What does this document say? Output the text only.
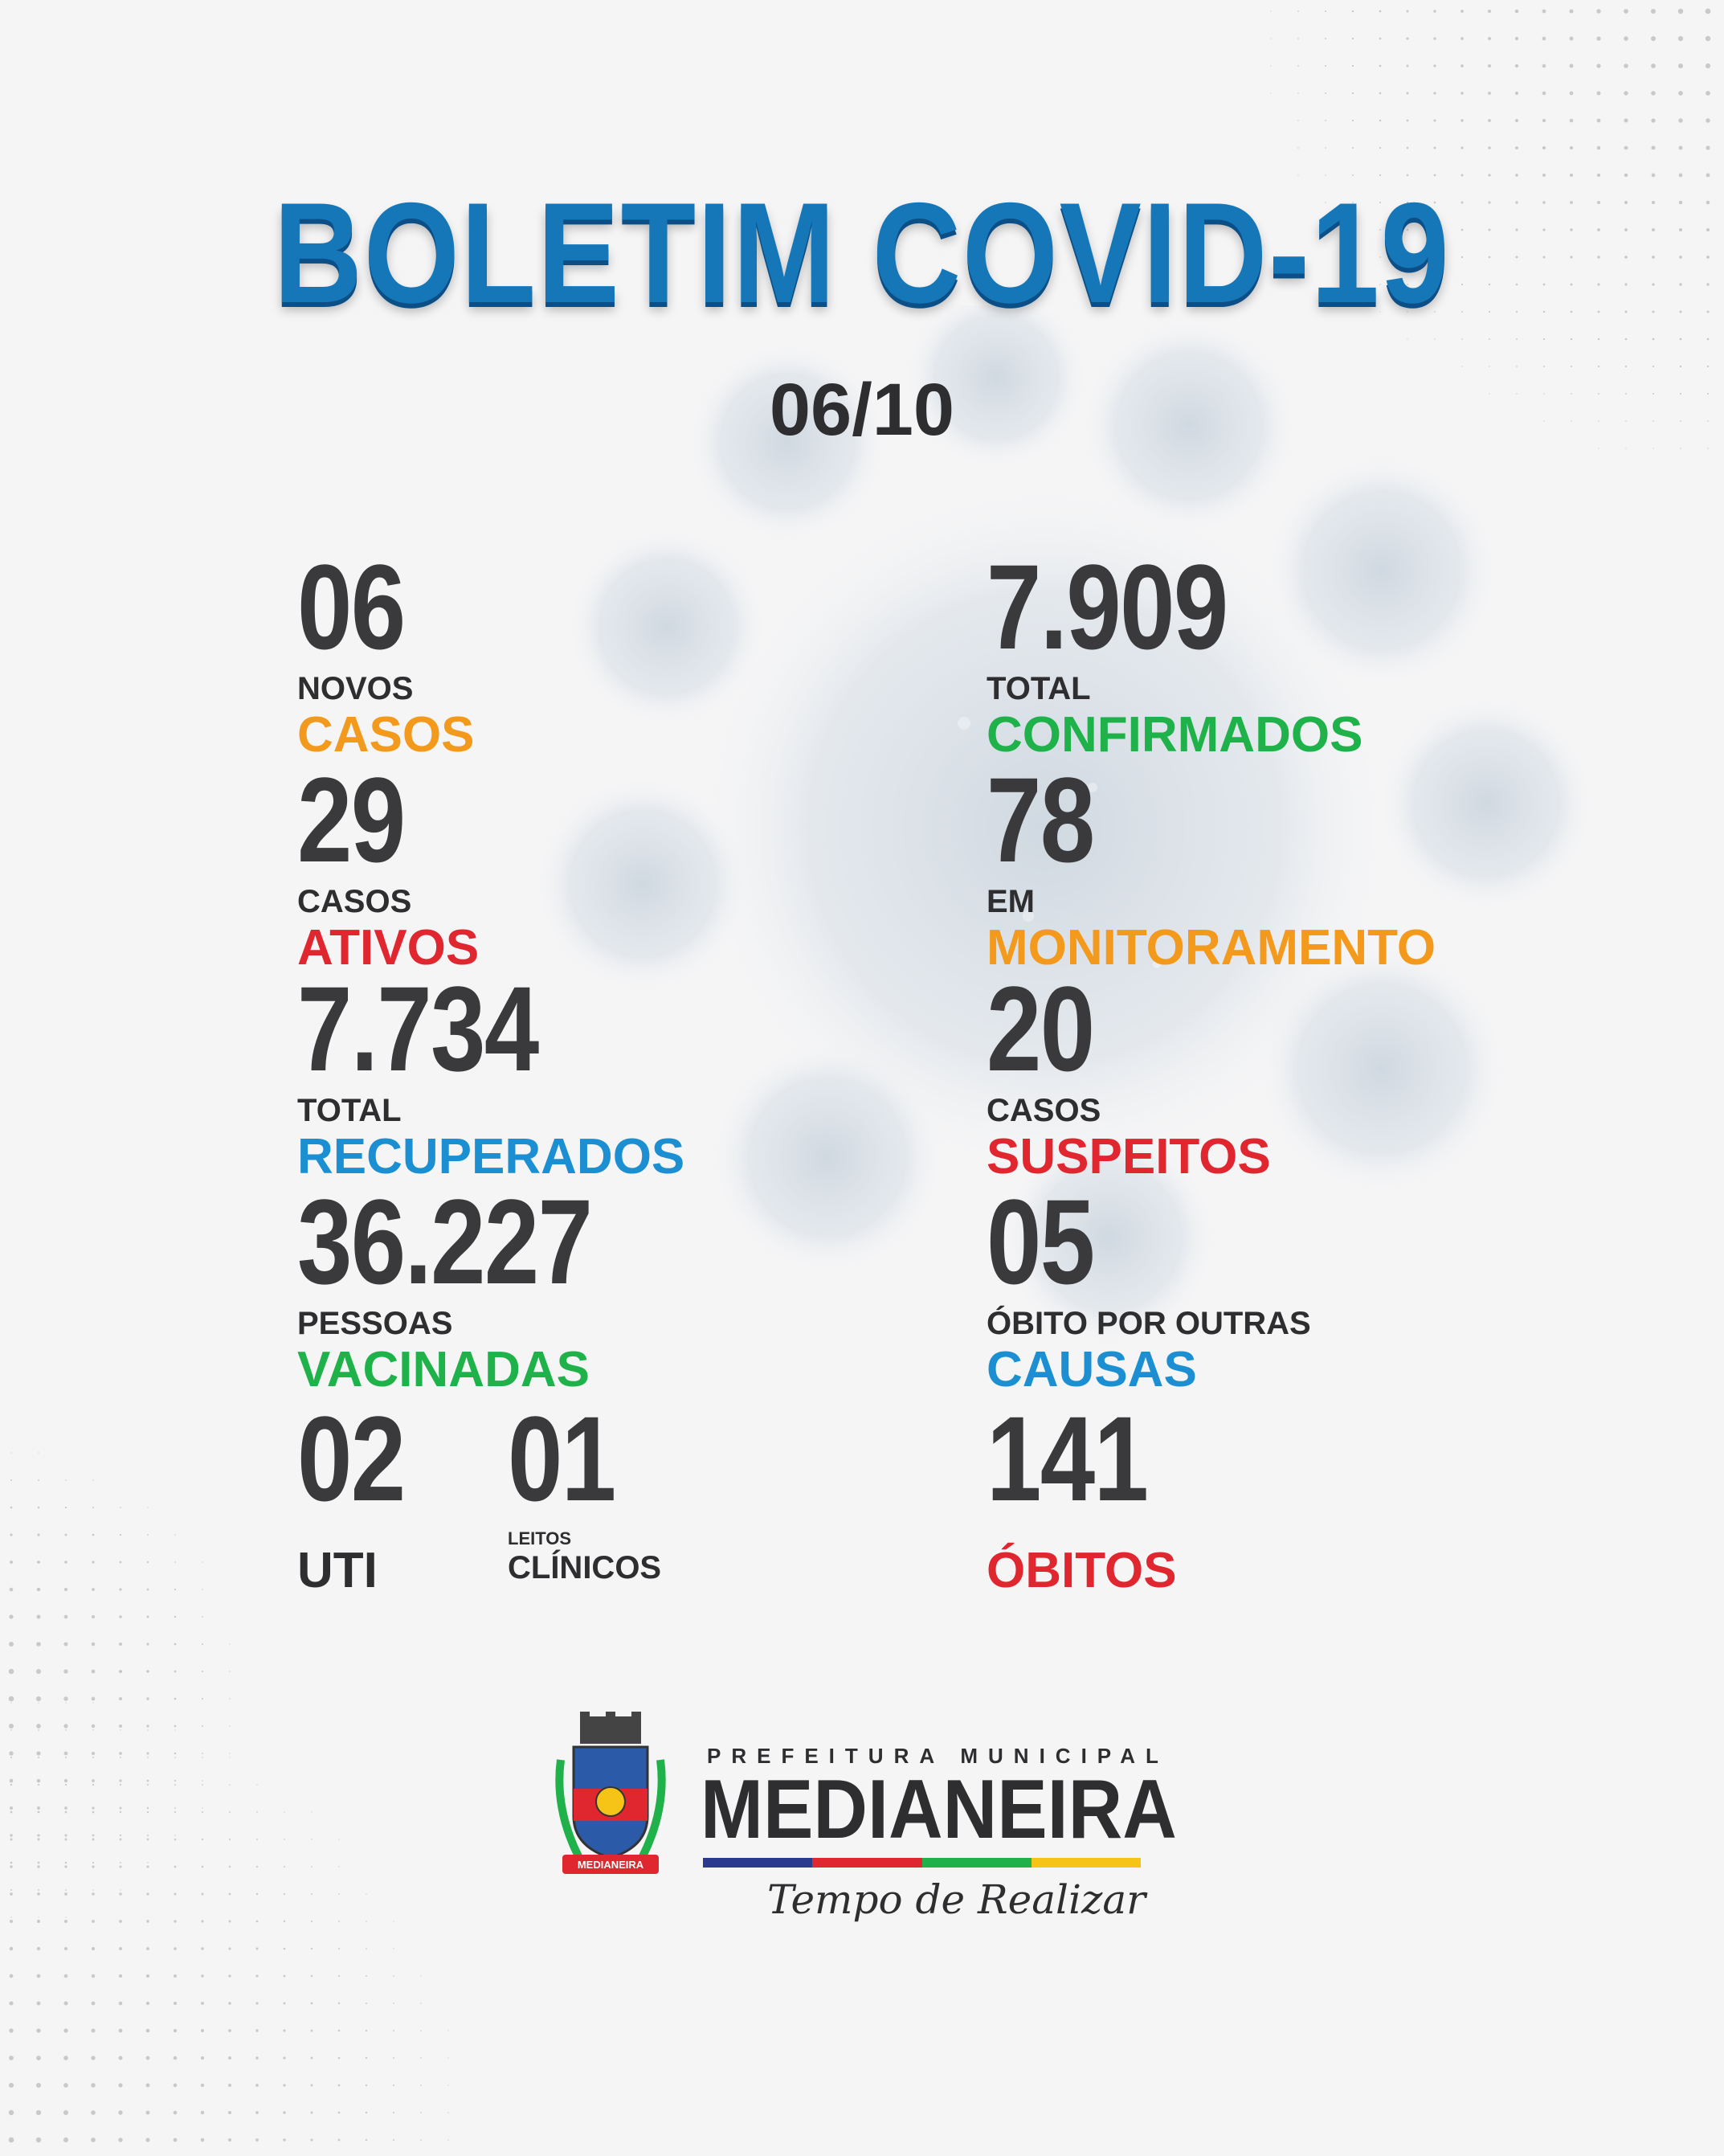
BOLETIM COVID-19
06/10
06
NOVOS
CASOS
29
CASOS
ATIVOS
7.734
TOTAL
RECUPERADOS
36.227
PESSOAS
VACINADAS
02
UTI
01
LEITOS
CLÍNICOS
7.909
TOTAL
CONFIRMADOS
78
EM
MONITORAMENTO
20
CASOS
SUSPEITOS
05
ÓBITO POR OUTRAS
CAUSAS
141
ÓBITOS
MEDIANEIRA
PREFEITURA MUNICIPAL
MEDIANEIRA
Tempo de Realizar
